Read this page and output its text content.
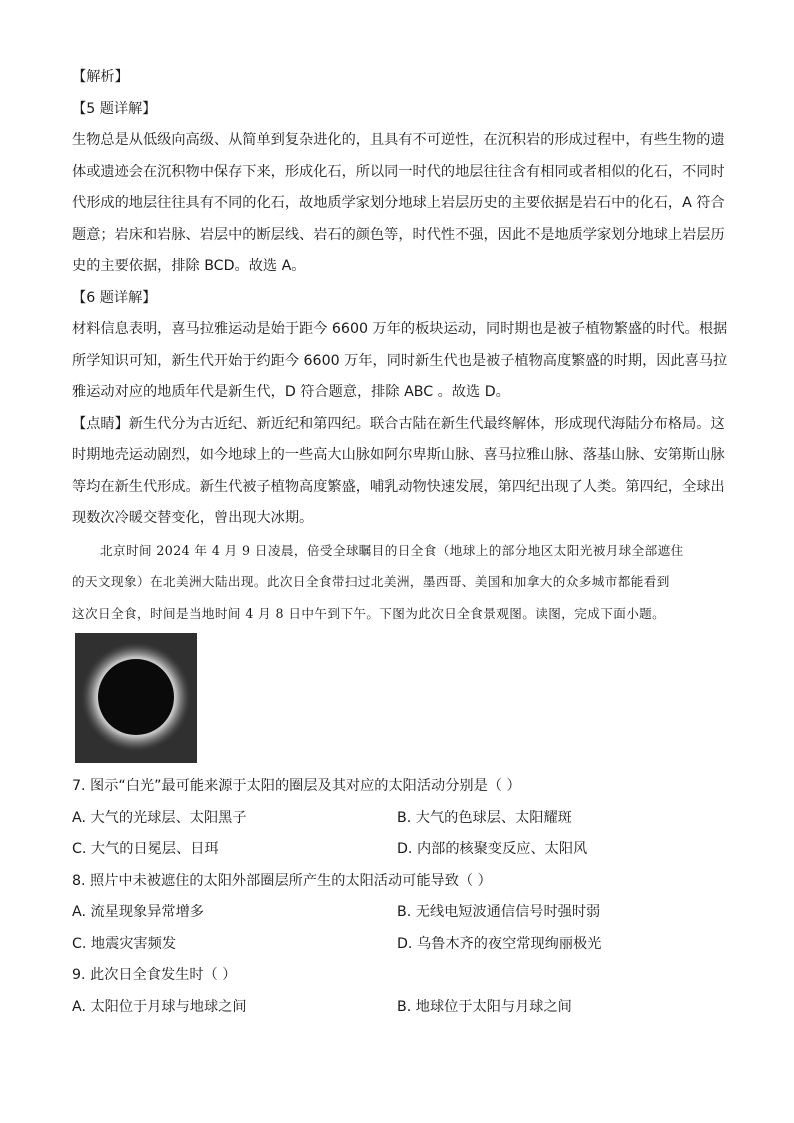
【解析】

【5 题详解】

生物总是从低级向高级、从简单到复杂进化的，且具有不可逆性，在沉积岩的形成过程中，有些生物的遗

体或遗迹会在沉积物中保存下来，形成化石，所以同一时代的地层往往含有相同或者相似的化石，不同时

代形成的地层往往具有不同的化石，故地质学家划分地球上岩层历史的主要依据是岩石中的化石，A 符合

题意；岩床和岩脉、岩层中的断层线、岩石的颜色等，时代性不强，因此不是地质学家划分地球上岩层历

史的主要依据，排除 BCD。故选 A。

【6 题详解】

材料信息表明，喜马拉雅运动是始于距今 6600 万年的板块运动，同时期也是被子植物繁盛的时代。根据

所学知识可知，新生代开始于约距今 6600 万年，同时新生代也是被子植物高度繁盛的时期，因此喜马拉

雅运动对应的地质年代是新生代，D 符合题意，排除 ABC 。故选 D。

【点睛】新生代分为古近纪、新近纪和第四纪。联合古陆在新生代最终解体，形成现代海陆分布格局。这

时期地壳运动剧烈，如今地球上的一些高大山脉如阿尔卑斯山脉、喜马拉雅山脉、落基山脉、安第斯山脉

等均在新生代形成。新生代被子植物高度繁盛，哺乳动物快速发展，第四纪出现了人类。第四纪，全球出

现数次冷暖交替变化，曾出现大冰期。

北京时间 2024 年 4 月 9 日凌晨，倍受全球瞩目的日全食（地球上的部分地区太阳光被月球全部遮住

的天文现象）在北美洲大陆出现。此次日全食带扫过北美洲，墨西哥、美国和加拿大的众多城市都能看到

这次日全食，时间是当地时间 4 月 8 日中午到下午。下图为此次日全食景观图。读图，完成下面小题。

7. 图示“白光”最可能来源于太阳的圈层及其对应的太阳活动分别是（ ）

A. 大气的光球层、太阳黑子	B. 大气的色球层、太阳耀斑
C. 大气的日冕层、日珥	D. 内部的核聚变反应、太阳风

8. 照片中未被遮住的太阳外部圈层所产生的太阳活动可能导致（ ）

A. 流星现象异常增多	B. 无线电短波通信信号时强时弱
C. 地震灾害频发	D. 乌鲁木齐的夜空常现绚丽极光

9. 此次日全食发生时（ ）

A. 太阳位于月球与地球之间	B. 地球位于太阳与月球之间
